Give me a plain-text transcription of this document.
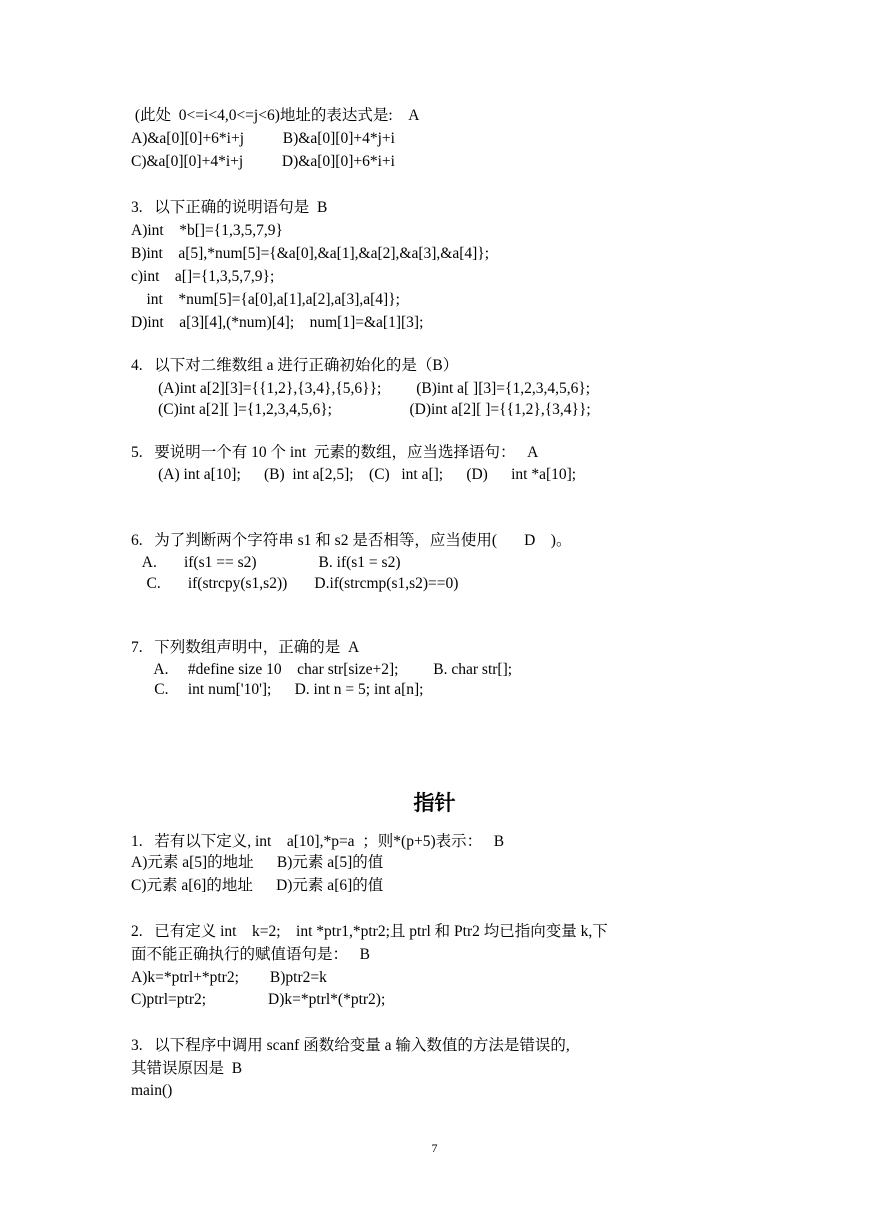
(此处  0<=i<4,0<=j<6)地址的表达式是:    A
A)&a[0][0]+6*i+j          B)&a[0][0]+4*j+i
C)&a[0][0]+4*i+j          D)&a[0][0]+6*i+i
3.   以下正确的说明语句是  B
A)int    *b[]={1,3,5,7,9}
B)int    a[5],*num[5]={&a[0],&a[1],&a[2],&a[3],&a[4]};
c)int    a[]={1,3,5,7,9};
int    *num[5]={a[0],a[1],a[2],a[3],a[4]};
D)int    a[3][4],(*num)[4];    num[1]=&a[1][3];
4.   以下对二维数组 a 进行正确初始化的是（B）
(A)int a[2][3]={{1,2},{3,4},{5,6}};         (B)int a[ ][3]={1,2,3,4,5,6};
(C)int a[2][ ]={1,2,3,4,5,6};                    (D)int a[2][ ]={{1,2},{3,4}};
5.   要说明一个有 10 个 int  元素的数组，应当选择语句：   A
(A) int a[10];      (B)  int a[2,5];    (C)   int a[];      (D)      int *a[10];
6.   为了判断两个字符串 s1 和 s2 是否相等，应当使用(       D    )。
A.       if(s1 == s2)                B. if(s1 = s2)
C.       if(strcpy(s1,s2))       D.if(strcmp(s1,s2)==0)
7.   下列数组声明中，正确的是  A
A.     #define size 10    char str[size+2];         B. char str[];
C.     int num['10'];      D. int n = 5; int a[n];
指针
1.   若有以下定义, int    a[10],*p=a  ；则*(p+5)表示：   B
A)元素 a[5]的地址      B)元素 a[5]的值
C)元素 a[6]的地址      D)元素 a[6]的值
2.   已有定义 int    k=2;    int *ptr1,*ptr2;且 ptrl 和 Ptr2 均已指向变量 k,下
面不能正确执行的赋值语句是：   B
A)k=*ptrl+*ptr2;        B)ptr2=k
C)ptrl=ptr2;                D)k=*ptrl*(*ptr2);
3.   以下程序中调用 scanf 函数给变量 a 输入数值的方法是错误的,
其错误原因是  B
main()
7
